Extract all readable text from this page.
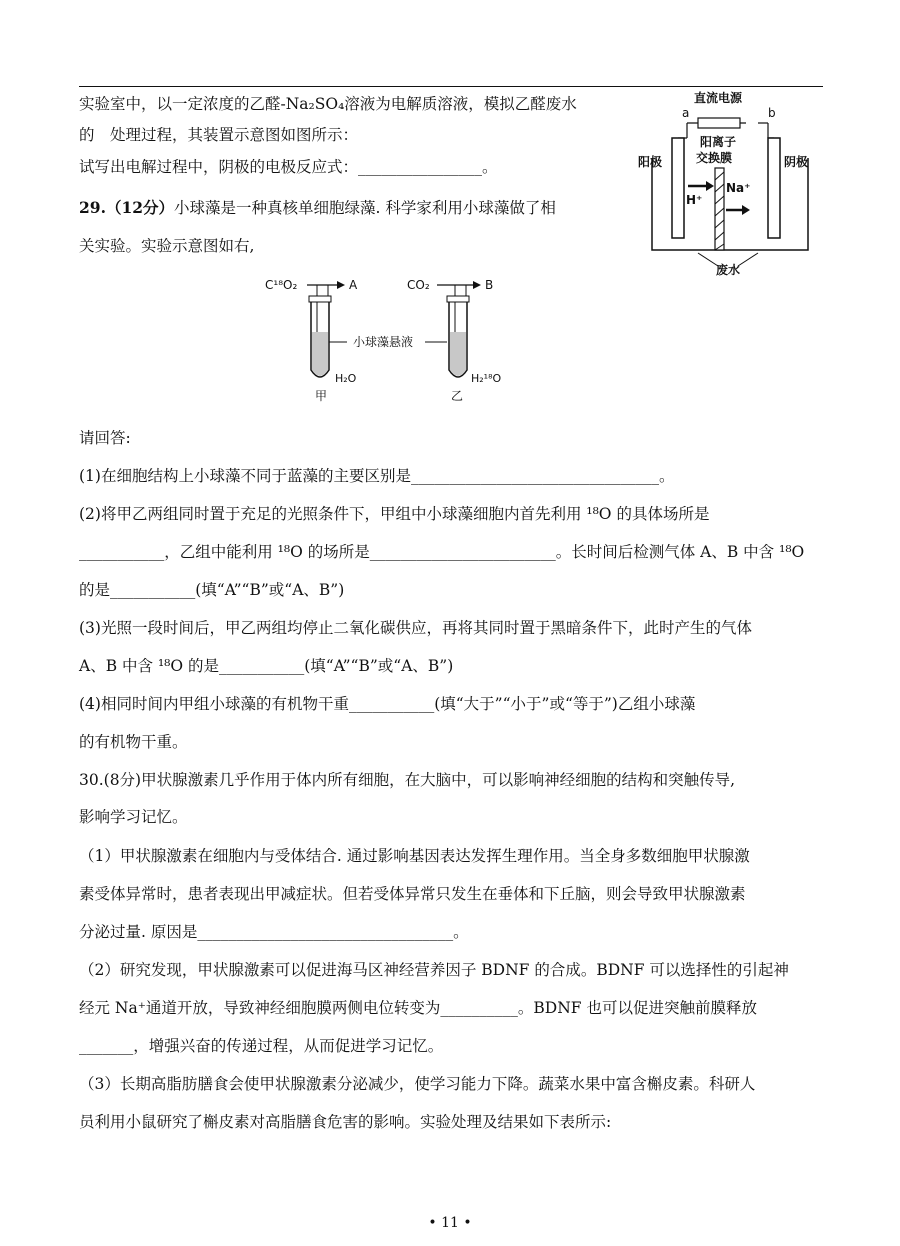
实验室中，以一定浓度的乙醛-Na₂SO₄溶液为电解质溶液，模拟乙醛废水
的　处理过程，其装置示意图如图所示：
试写出电解过程中，阴极的电极反应式：________________。
直流电源
a	b
阳离子
交换膜
阳极	阴极
H⁺
Na⁺
废水
29.（12分）小球藻是一种真核单细胞绿藻. 科学家利用小球藻做了相
关实验。实验示意图如右,
C¹⁸O₂	A
H₂O
甲
小球藻悬液
CO₂	B
H₂¹⁸O
乙
请回答:
(1)在细胞结构上小球藻不同于蓝藻的主要区别是________________________________。
(2)将甲乙两组同时置于充足的光照条件下，甲组中小球藻细胞内首先利用 ¹⁸O 的具体场所是
___________，乙组中能利用 ¹⁸O 的场所是________________________。长时间后检测气体 A、B 中含 ¹⁸O
的是___________(填“A”“B”或“A、B”)
(3)光照一段时间后，甲乙两组均停止二氧化碳供应，再将其同时置于黑暗条件下，此时产生的气体
A、B 中含 ¹⁸O 的是___________(填“A”“B”或“A、B”)
(4)相同时间内甲组小球藻的有机物干重___________(填“大于”“小于”或“等于”)乙组小球藻
的有机物干重。
30.(8分)甲状腺激素几乎作用于体内所有细胞，在大脑中，可以影响神经细胞的结构和突触传导,
影响学习记忆。
（1）甲状腺激素在细胞内与受体结合. 通过影响基因表达发挥生理作用。当全身多数细胞甲状腺激
素受体异常时，患者表现出甲减症状。但若受体异常只发生在垂体和下丘脑，则会导致甲状腺激素
分泌过量. 原因是_________________________________。
（2）研究发现，甲状腺激素可以促进海马区神经营养因子 BDNF 的合成。BDNF 可以选择性的引起神
经元 Na⁺通道开放，导致神经细胞膜两侧电位转变为__________。BDNF 也可以促进突触前膜释放
_______，增强兴奋的传递过程，从而促进学习记忆。
（3）长期高脂肪膳食会使甲状腺激素分泌减少，使学习能力下降。蔬菜水果中富含槲皮素。科研人
员利用小鼠研究了槲皮素对高脂膳食危害的影响。实验处理及结果如下表所示:
• 11 •
